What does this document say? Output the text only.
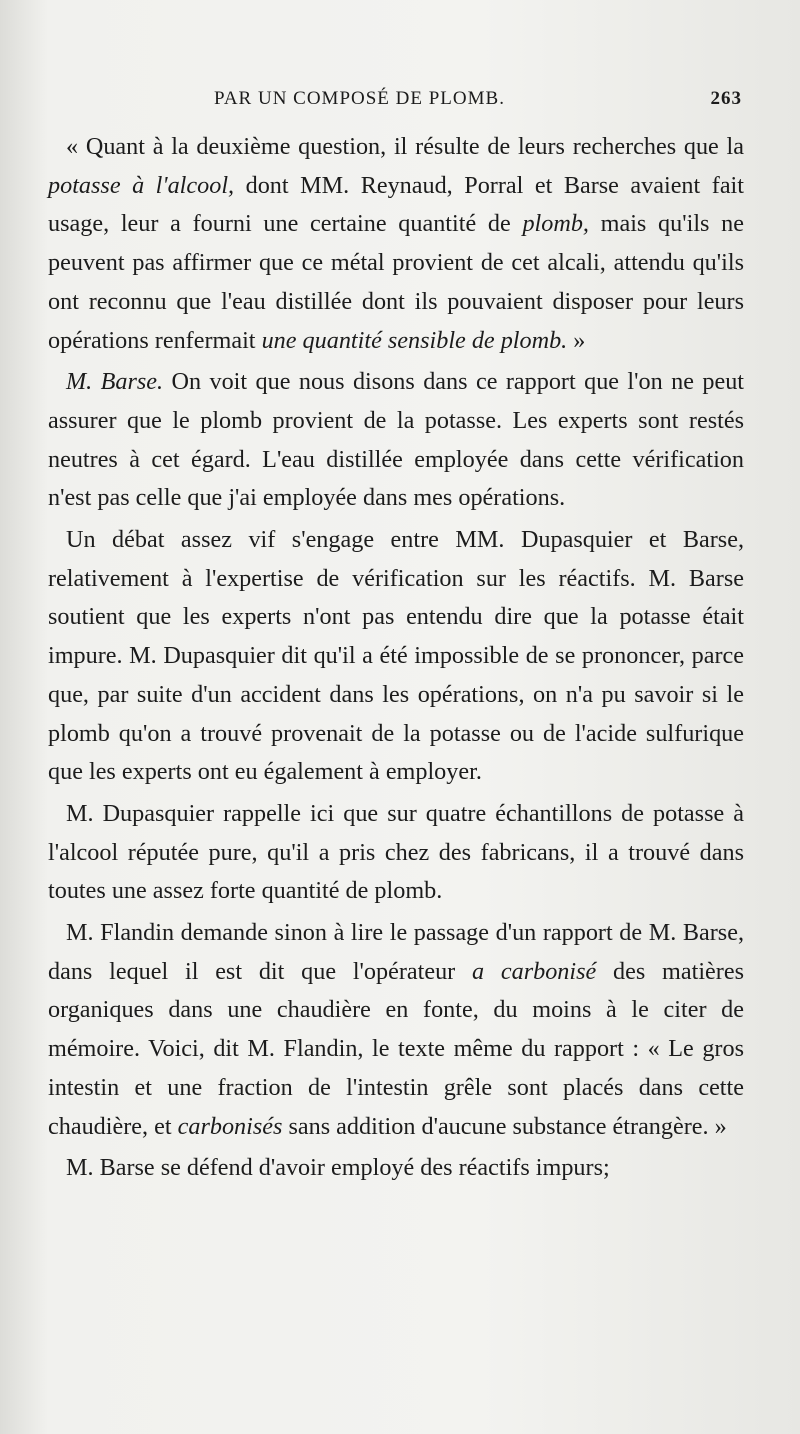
PAR UN COMPOSÉ DE PLOMB.	263

« Quant à la deuxième question, il résulte de leurs recherches que la potasse à l'alcool, dont MM. Reynaud, Porral et Barse avaient fait usage, leur a fourni une certaine quantité de plomb, mais qu'ils ne peuvent pas affirmer que ce métal provient de cet alcali, attendu qu'ils ont reconnu que l'eau distillée dont ils pouvaient disposer pour leurs opérations renfermait une quantité sensible de plomb. »

M. Barse. On voit que nous disons dans ce rapport que l'on ne peut assurer que le plomb provient de la potasse. Les experts sont restés neutres à cet égard. L'eau distillée employée dans cette vérification n'est pas celle que j'ai employée dans mes opérations.

Un débat assez vif s'engage entre MM. Dupasquier et Barse, relativement à l'expertise de vérification sur les réactifs. M. Barse soutient que les experts n'ont pas entendu dire que la potasse était impure. M. Dupasquier dit qu'il a été impossible de se prononcer, parce que, par suite d'un accident dans les opérations, on n'a pu savoir si le plomb qu'on a trouvé provenait de la potasse ou de l'acide sulfurique que les experts ont eu également à employer.

M. Dupasquier rappelle ici que sur quatre échantillons de potasse à l'alcool réputée pure, qu'il a pris chez des fabricans, il a trouvé dans toutes une assez forte quantité de plomb.

M. Flandin demande sinon à lire le passage d'un rapport de M. Barse, dans lequel il est dit que l'opérateur a carbonisé des matières organiques dans une chaudière en fonte, du moins à le citer de mémoire. Voici, dit M. Flandin, le texte même du rapport : « Le gros intestin et une fraction de l'intestin grêle sont placés dans cette chaudière, et carbonisés sans addition d'aucune substance étrangère. »

M. Barse se défend d'avoir employé des réactifs impurs;
